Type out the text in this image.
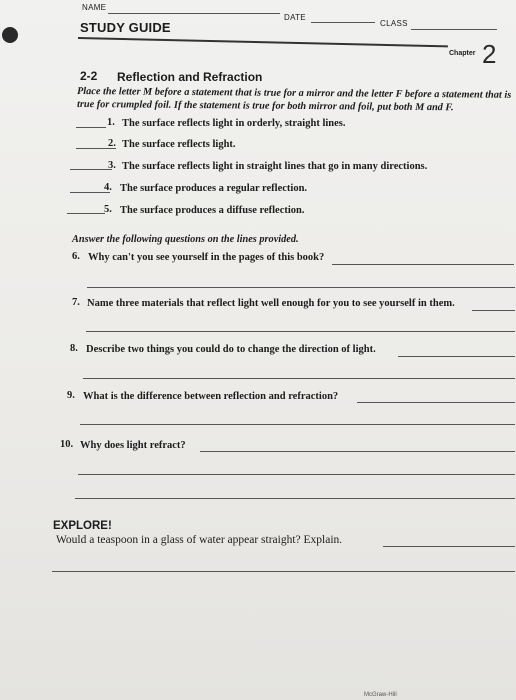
NAME
DATE
CLASS
STUDY GUIDE
Chapter 2
2-2 Reflection and Refraction
Place the letter M before a statement that is true for a mirror and the letter F before a statement that is
true for crumpled foil. If the statement is true for both mirror and foil, put both M and F.
1. The surface reflects light in orderly, straight lines.
2. The surface reflects light.
3. The surface reflects light in straight lines that go in many directions.
4. The surface produces a regular reflection.
5. The surface produces a diffuse reflection.
Answer the following questions on the lines provided.
6. Why can't you see yourself in the pages of this book?
7. Name three materials that reflect light well enough for you to see yourself in them.
8. Describe two things you could do to change the direction of light.
9. What is the difference between reflection and refraction?
10. Why does light refract?
EXPLORE!
Would a teaspoon in a glass of water appear straight? Explain.
McGraw-Hill
